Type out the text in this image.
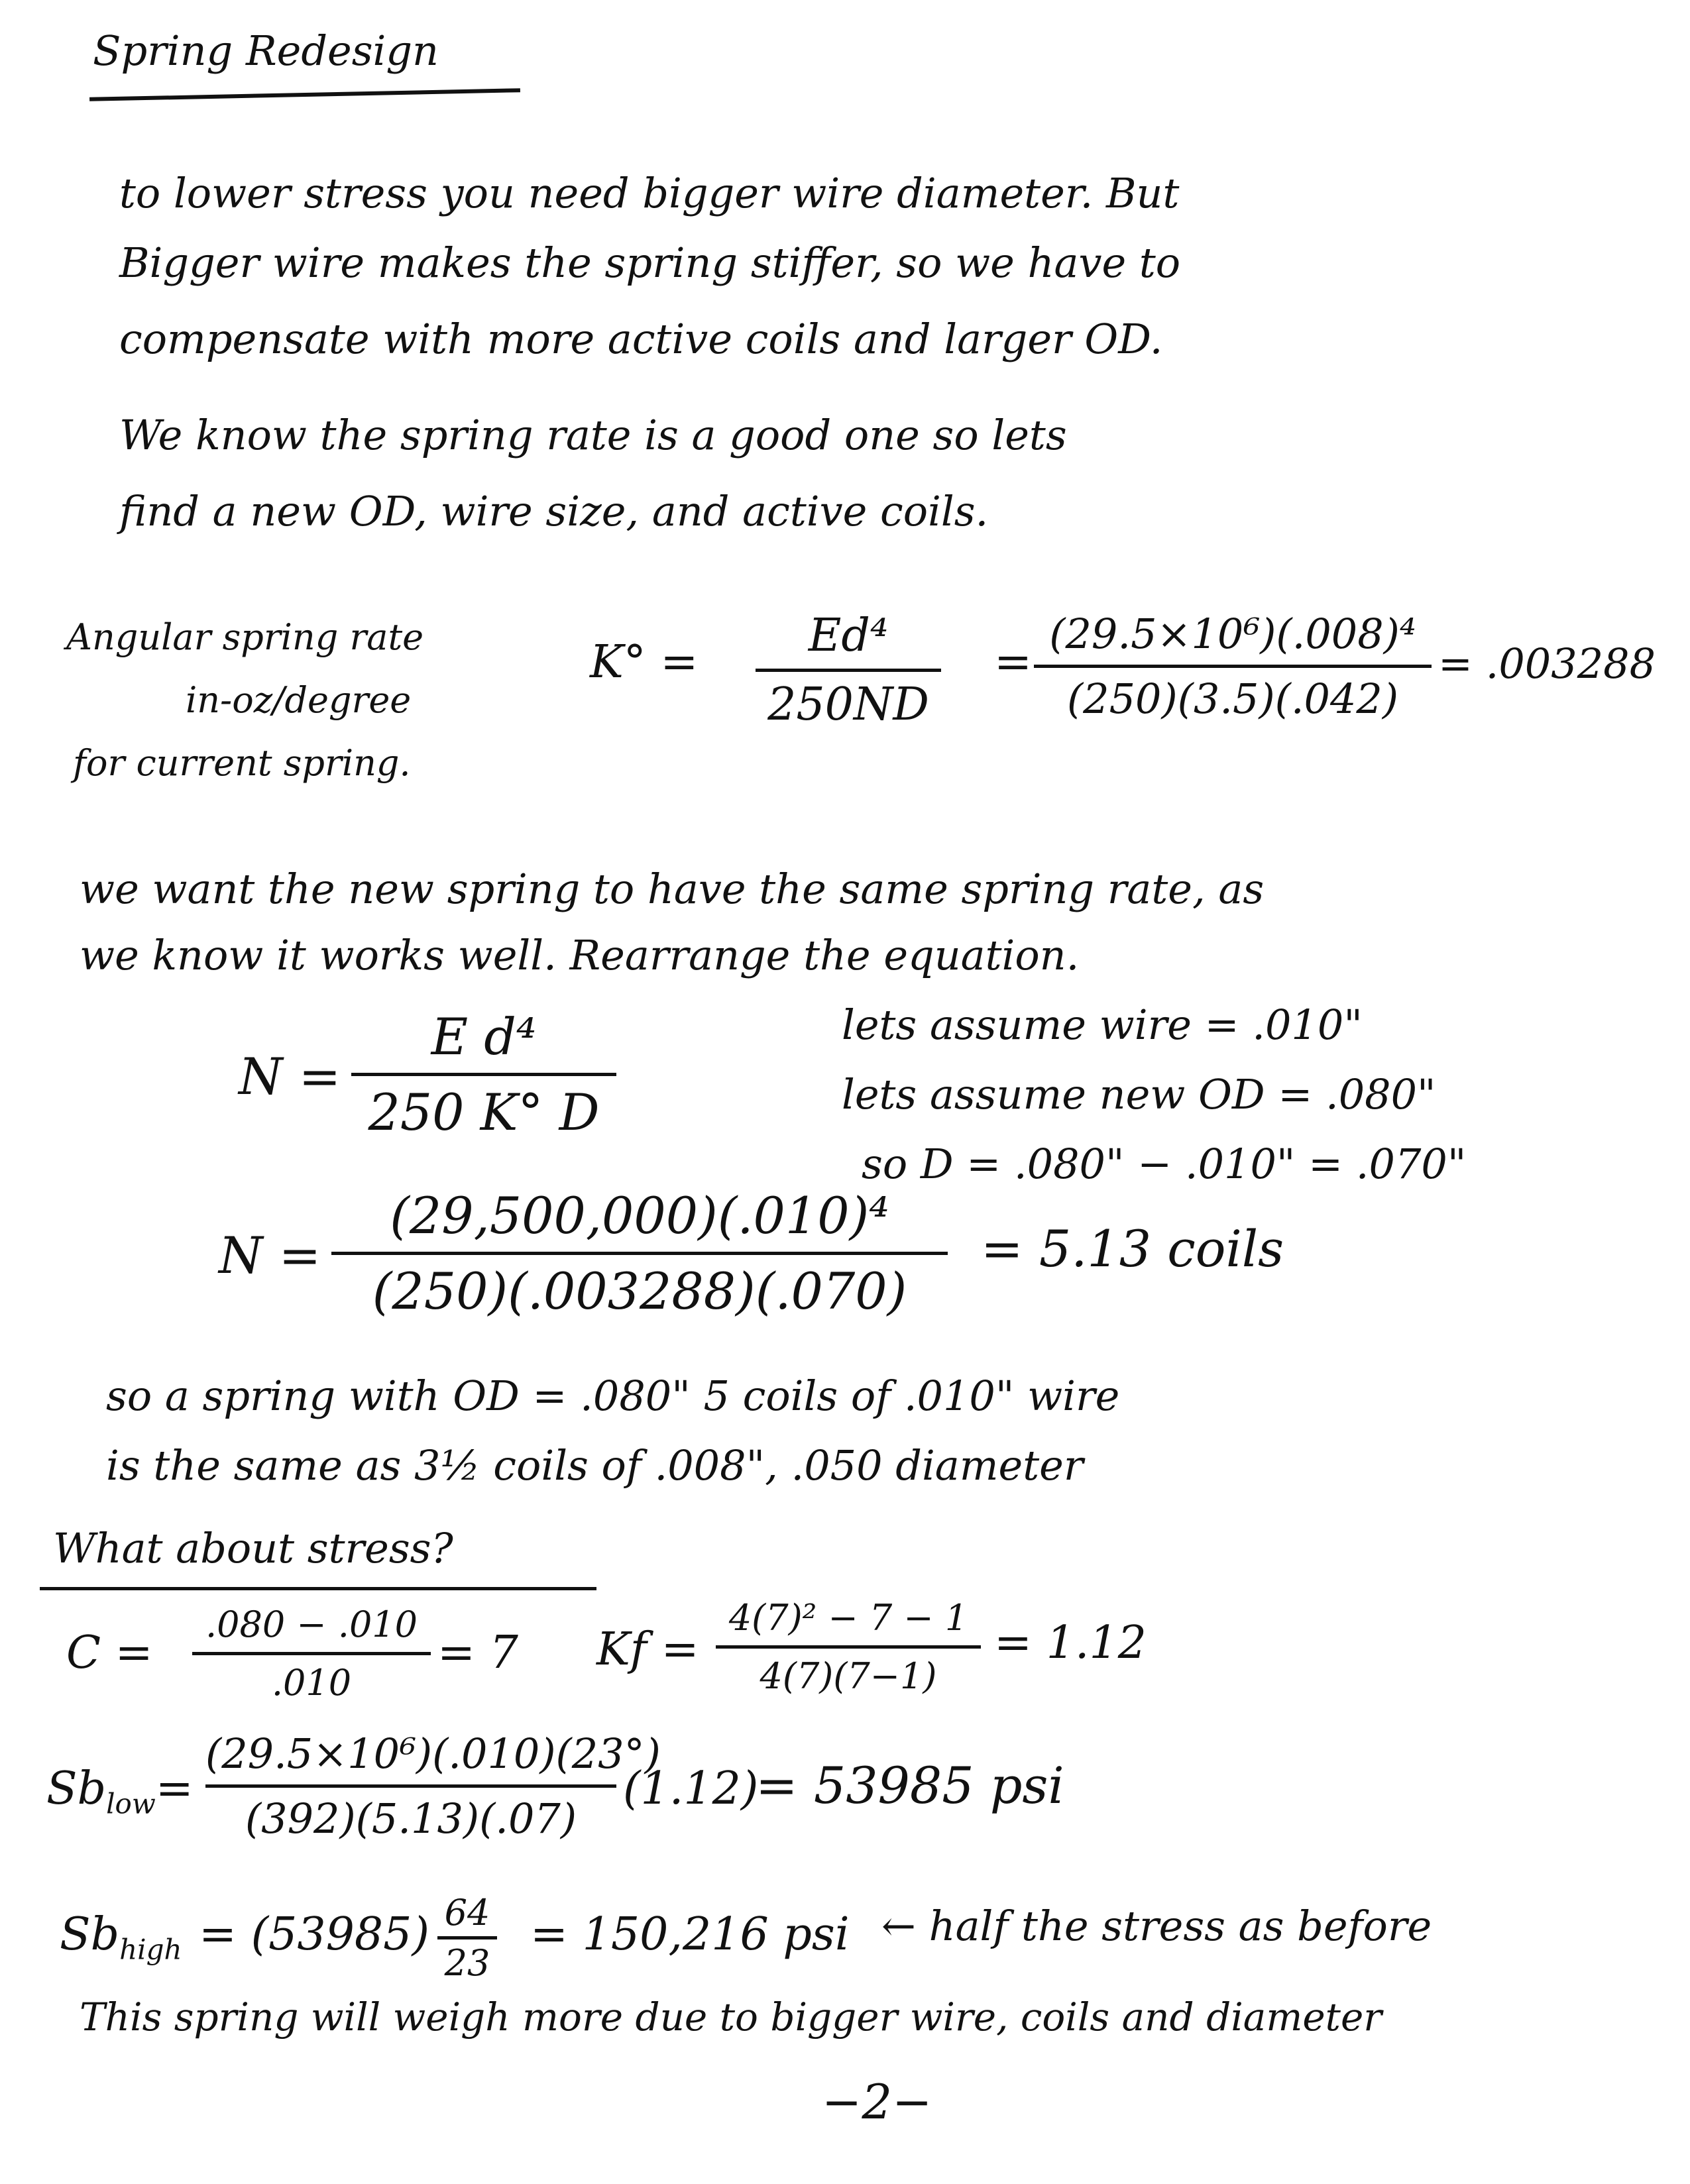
Spring Redesign
to lower stress you need bigger wire diameter. But
Bigger wire makes the spring stiffer, so we have to
compensate with more active coils and larger OD.
We know the spring rate is a good one so lets
find a new OD, wire size, and active coils.
Angular spring rate
in-oz/degree
for current spring.
K° =
Ed⁴
250ND
=
(29.5×10⁶)(.008)⁴
(250)(3.5)(.042)
= .003288
we want the new spring to have the same spring rate, as
we know it works well. Rearrange the equation.
N =
E d⁴
250 K° D
lets assume wire = .010"
lets assume new OD = .080"
so D = .080" − .010" = .070"
N =
(29,500,000)(.010)⁴
(250)(.003288)(.070)
= 5.13 coils
so a spring with OD = .080" 5 coils of .010" wire
is the same as 3½ coils of .008", .050 diameter
What about stress?
C =
.080 − .010
.010
= 7 Kf =
4(7)² − 7 − 1
4(7)(7−1)
= 1.12
$Sb_{low}=$
(29.5×10⁶)(.010)(23°)
(392)(5.13)(.07)
(1.12)
= 53985 psi
$Sb_{high} = (53985)$ 64
23
= 150,216 psi ← half the stress as before
This spring will weigh more due to bigger wire, coils and diameter
−2−
